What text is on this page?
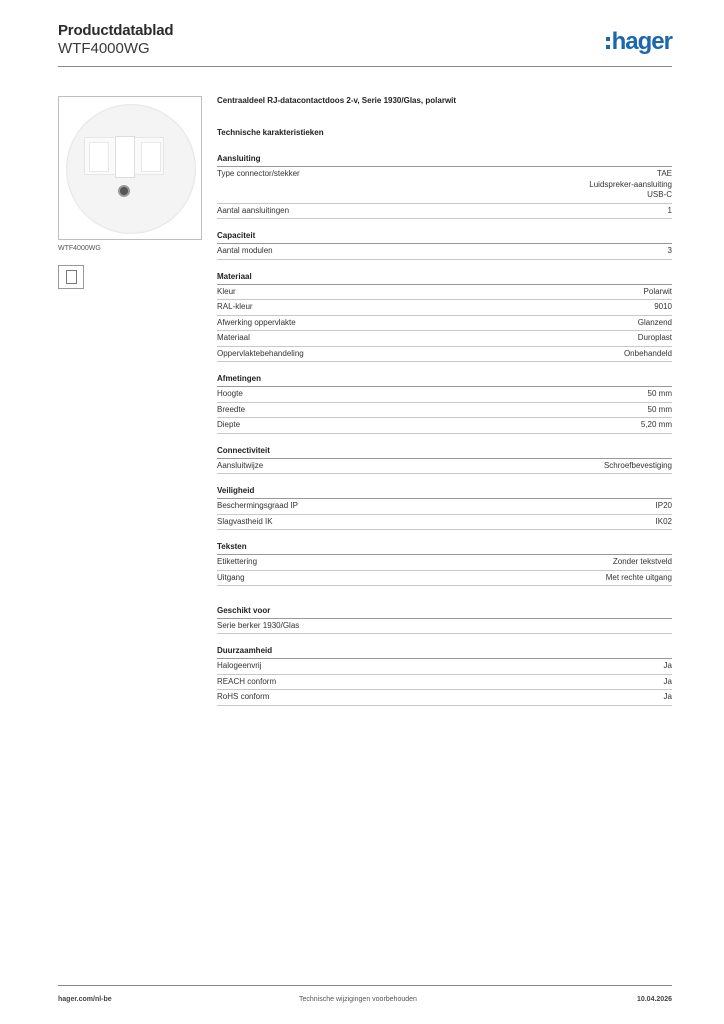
Productdatablad
WTF4000WG	hager
WTF4000WG
Centraaldeel RJ-datacontactdoos 2-v, Serie 1930/Glas, polarwit
Technische karakteristieken
Aansluiting
Type connector/stekker	TAE
Luidspreker-aansluiting
USB-C
Aantal aansluitingen	1
Capaciteit
Aantal modulen	3
Materiaal
Kleur	Polarwit
RAL-kleur	9010
Afwerking oppervlakte	Glanzend
Materiaal	Duroplast
Oppervlaktebehandeling	Onbehandeld
Afmetingen
Hoogte	50 mm
Breedte	50 mm
Diepte	5,20 mm
Connectiviteit
Aansluitwijze	Schroefbevestiging
Veiligheid
Beschermingsgraad IP	IP20
Slagvastheid IK	IK02
Teksten
Etikettering	Zonder tekstveld
Uitgang	Met rechte uitgang
Geschikt voor
Serie berker 1930/Glas
Duurzaamheid
Halogeenvrij	Ja
REACH conform	Ja
RoHS conform	Ja
hager.com/nl-be	Technische wijzigingen voorbehouden	10.04.2026
